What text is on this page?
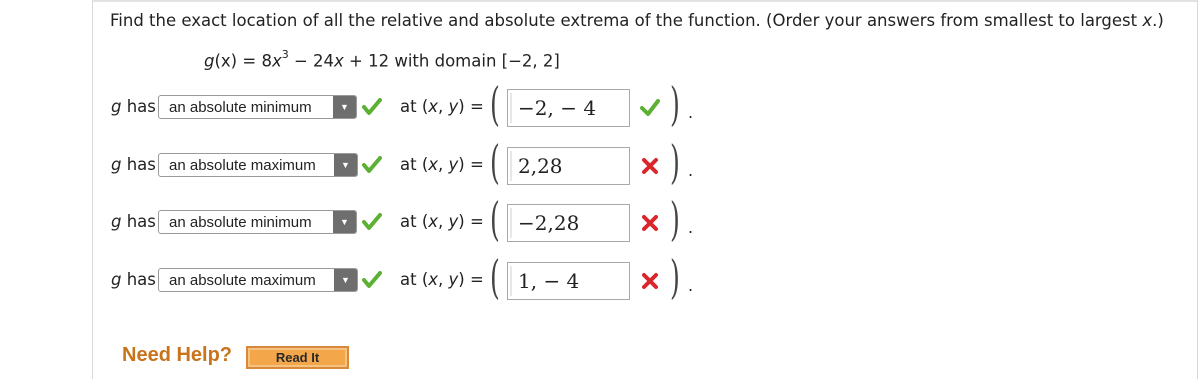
Find the exact location of all the relative and absolute extrema of the function. (Order your answers from smallest to largest x.)
$g(x) = 8x^3 - 24x + 12$ with domain [−2, 2]
g has an absolute minimum	▼	at (x, y) = ( −2, − 4 ) .
g has an absolute maximum	▼	at (x, y) = ( 2,28 ) .
g has an absolute minimum	▼	at (x, y) = ( −2,28 ) .
g has an absolute maximum	▼	at (x, y) = ( 1, − 4 ) .
Need Help?	Read It
